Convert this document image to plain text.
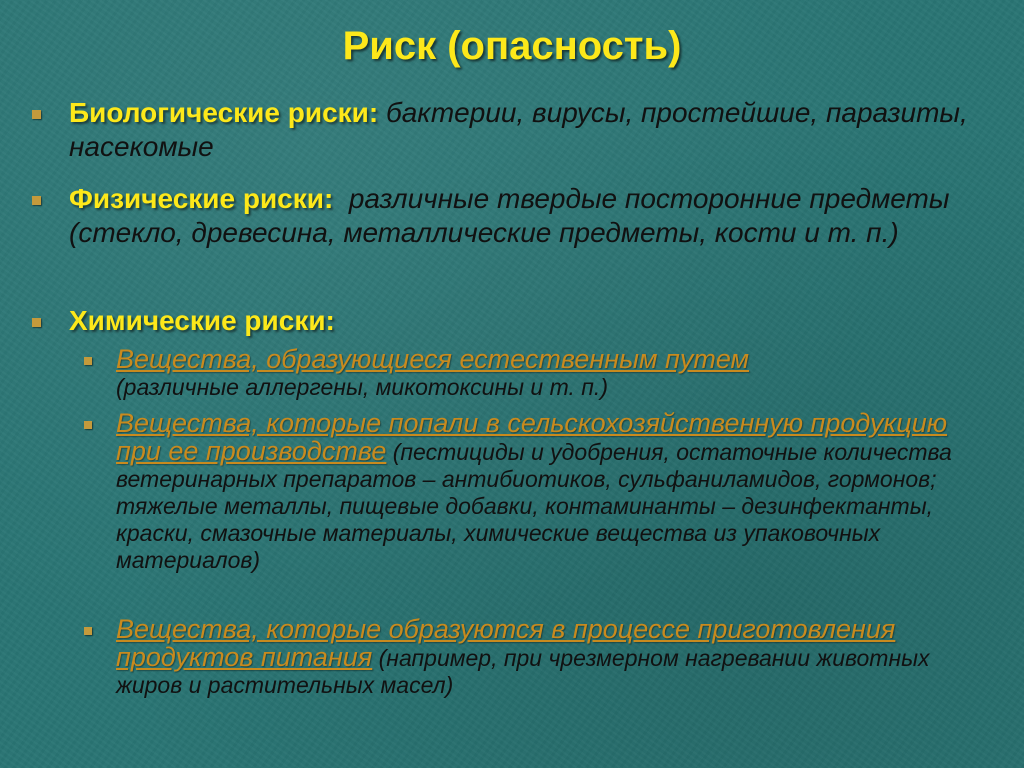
Риск (опасность)
Биологические риски: бактерии, вирусы, простейшие, паразиты, насекомые
Физические риски: различные твердые посторонние предметы (стекло, древесина, металлические предметы, кости и т. п.)
Химические риски:
Вещества, образующиеся естественным путем
(различные аллергены, микотоксины и т. п.)
Вещества, которые попали в сельскохозяйственную продукцию при ее производстве (пестициды и удобрения, остаточные количества ветеринарных препаратов – антибиотиков, сульфаниламидов, гормонов; тяжелые металлы, пищевые добавки, контаминанты – дезинфектанты, краски, смазочные материалы, химические вещества из упаковочных материалов)
Вещества, которые образуются в процессе приготовления продуктов питания (например, при чрезмерном нагревании животных жиров и растительных масел)
